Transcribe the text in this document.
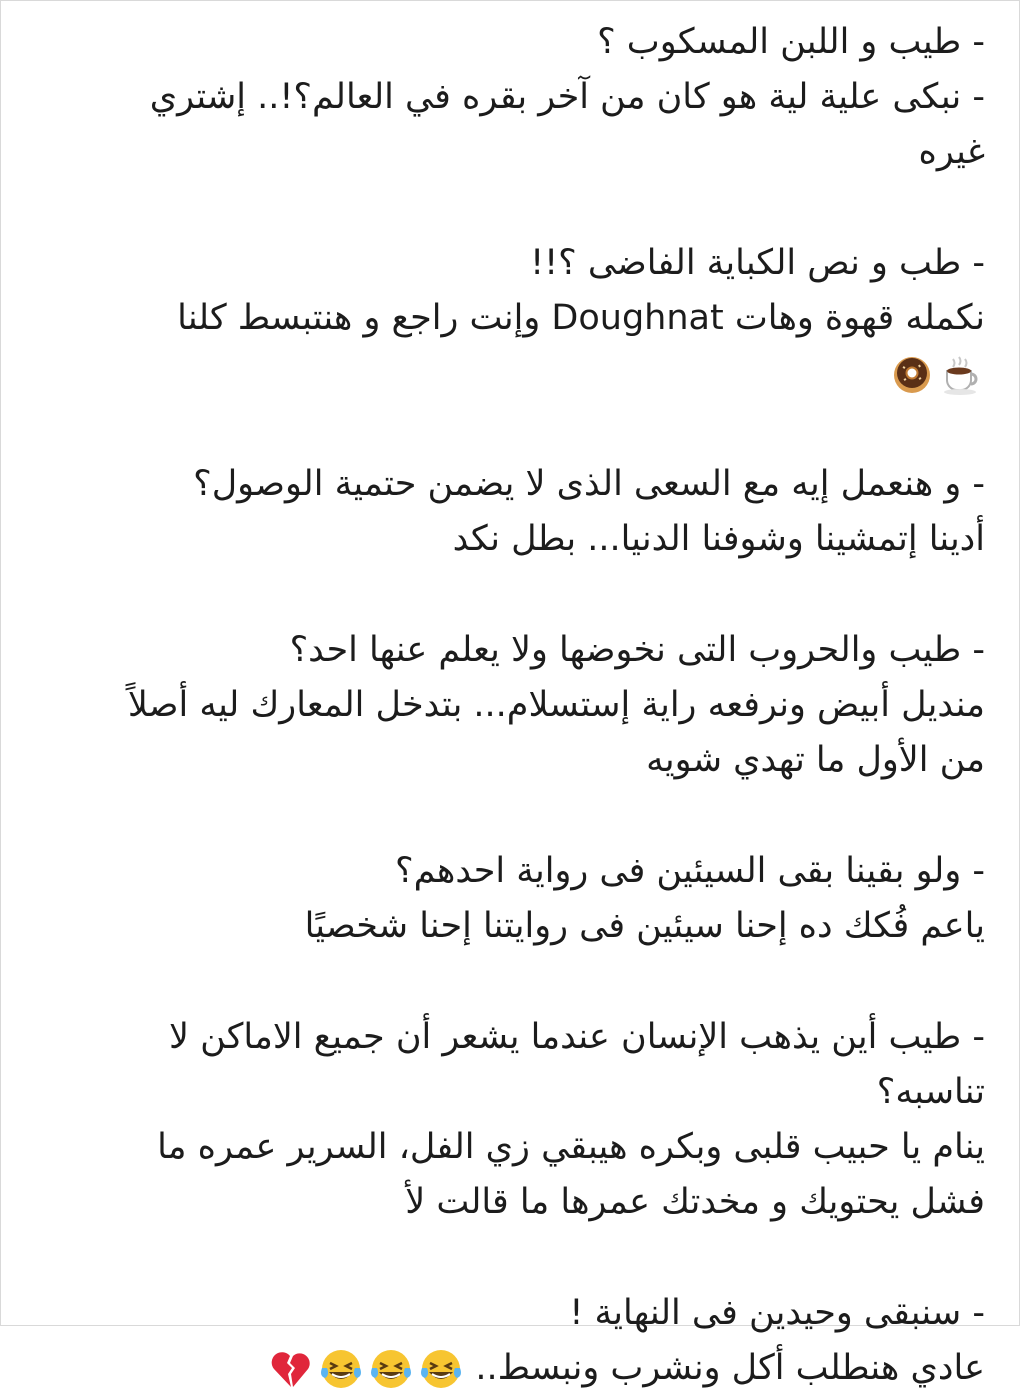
- طيب و اللبن المسكوب ؟
- نبكى علية لية هو كان من آخر بقره في العالم؟!.. إشتري غيره
- طب و نص الكباية الفاضى ؟!!
نكمله قهوة وهات Doughnat وإنت راجع و هنتبسط كلنا
- و هنعمل إيه مع السعى الذى لا يضمن حتمية الوصول؟
أدينا إتمشينا وشوفنا الدنيا... بطل نكد
- طيب والحروب التى نخوضها ولا يعلم عنها احد؟
منديل أبيض ونرفعه راية إستسلام... بتدخل المعارك ليه أصلاً من الأول ما تهدي شويه
- ولو بقينا بقى السيئين فى رواية احدهم؟
ياعم فُكك ده إحنا سيئين فى روايتنا إحنا شخصيًا
- طيب أين يذهب الإنسان عندما يشعر أن جميع الاماكن لا تناسبه؟
ينام يا حبيب قلبى وبكره هيبقي زي الفل، السرير عمره ما فشل يحتويك و مخدتك عمرها ما قالت لأ
- سنبقى وحيدين فى النهاية !
عادي هنطلب أكل ونشرب ونبسط..
